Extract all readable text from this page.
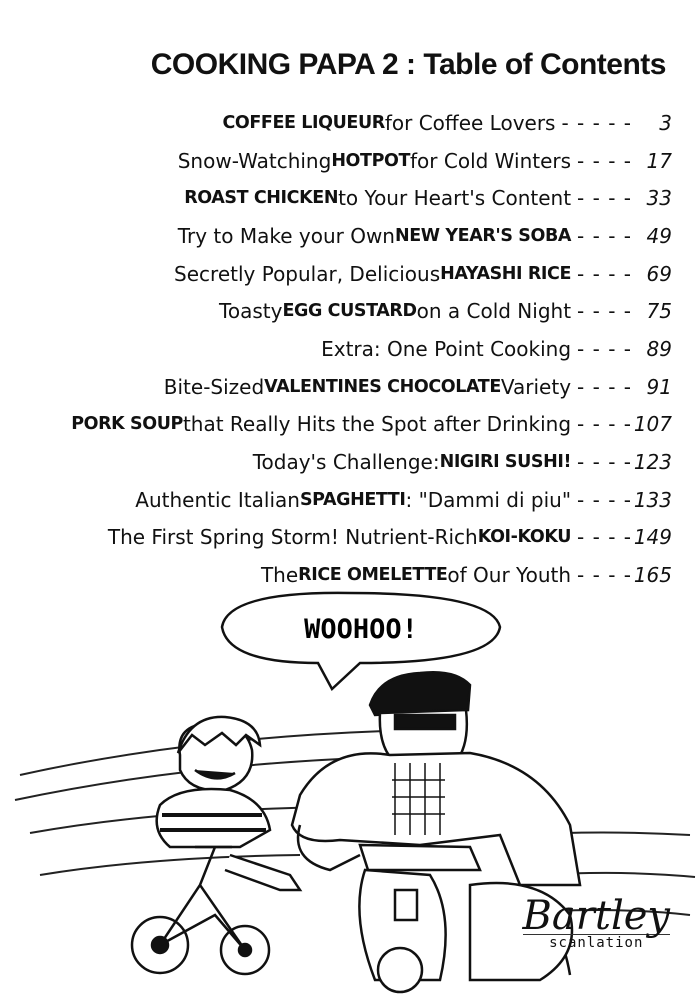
COOKING PAPA 2 : Table of Contents
COFFEE LIQUEUR for Coffee Lovers - - - - -	3
Snow-Watching HOTPOT for Cold Winters - - - - 17
ROAST CHICKEN to Your Heart's Content - - - - 33
Try to Make your Own NEW YEAR'S SOBA - - - - 49
Secretly Popular, Delicious HAYASHI RICE - - - - 69
Toasty EGG CUSTARD on a Cold Night - - - - 75
Extra: One Point Cooking - - - - 89
Bite-Sized VALENTINES CHOCOLATE Variety - - - - 91
PORK SOUP that Really Hits the Spot after Drinking - - - - 107
Today's Challenge: NIGIRI SUSHI! - - - - 123
Authentic Italian SPAGHETTI : "Dammi di piu" - - - - 133
The First Spring Storm! Nutrient-Rich KOI-KOKU - - - - 149
The RICE OMELETTE of Our Youth - - - - 165
WOOHOO!
Bartley
scanlation
